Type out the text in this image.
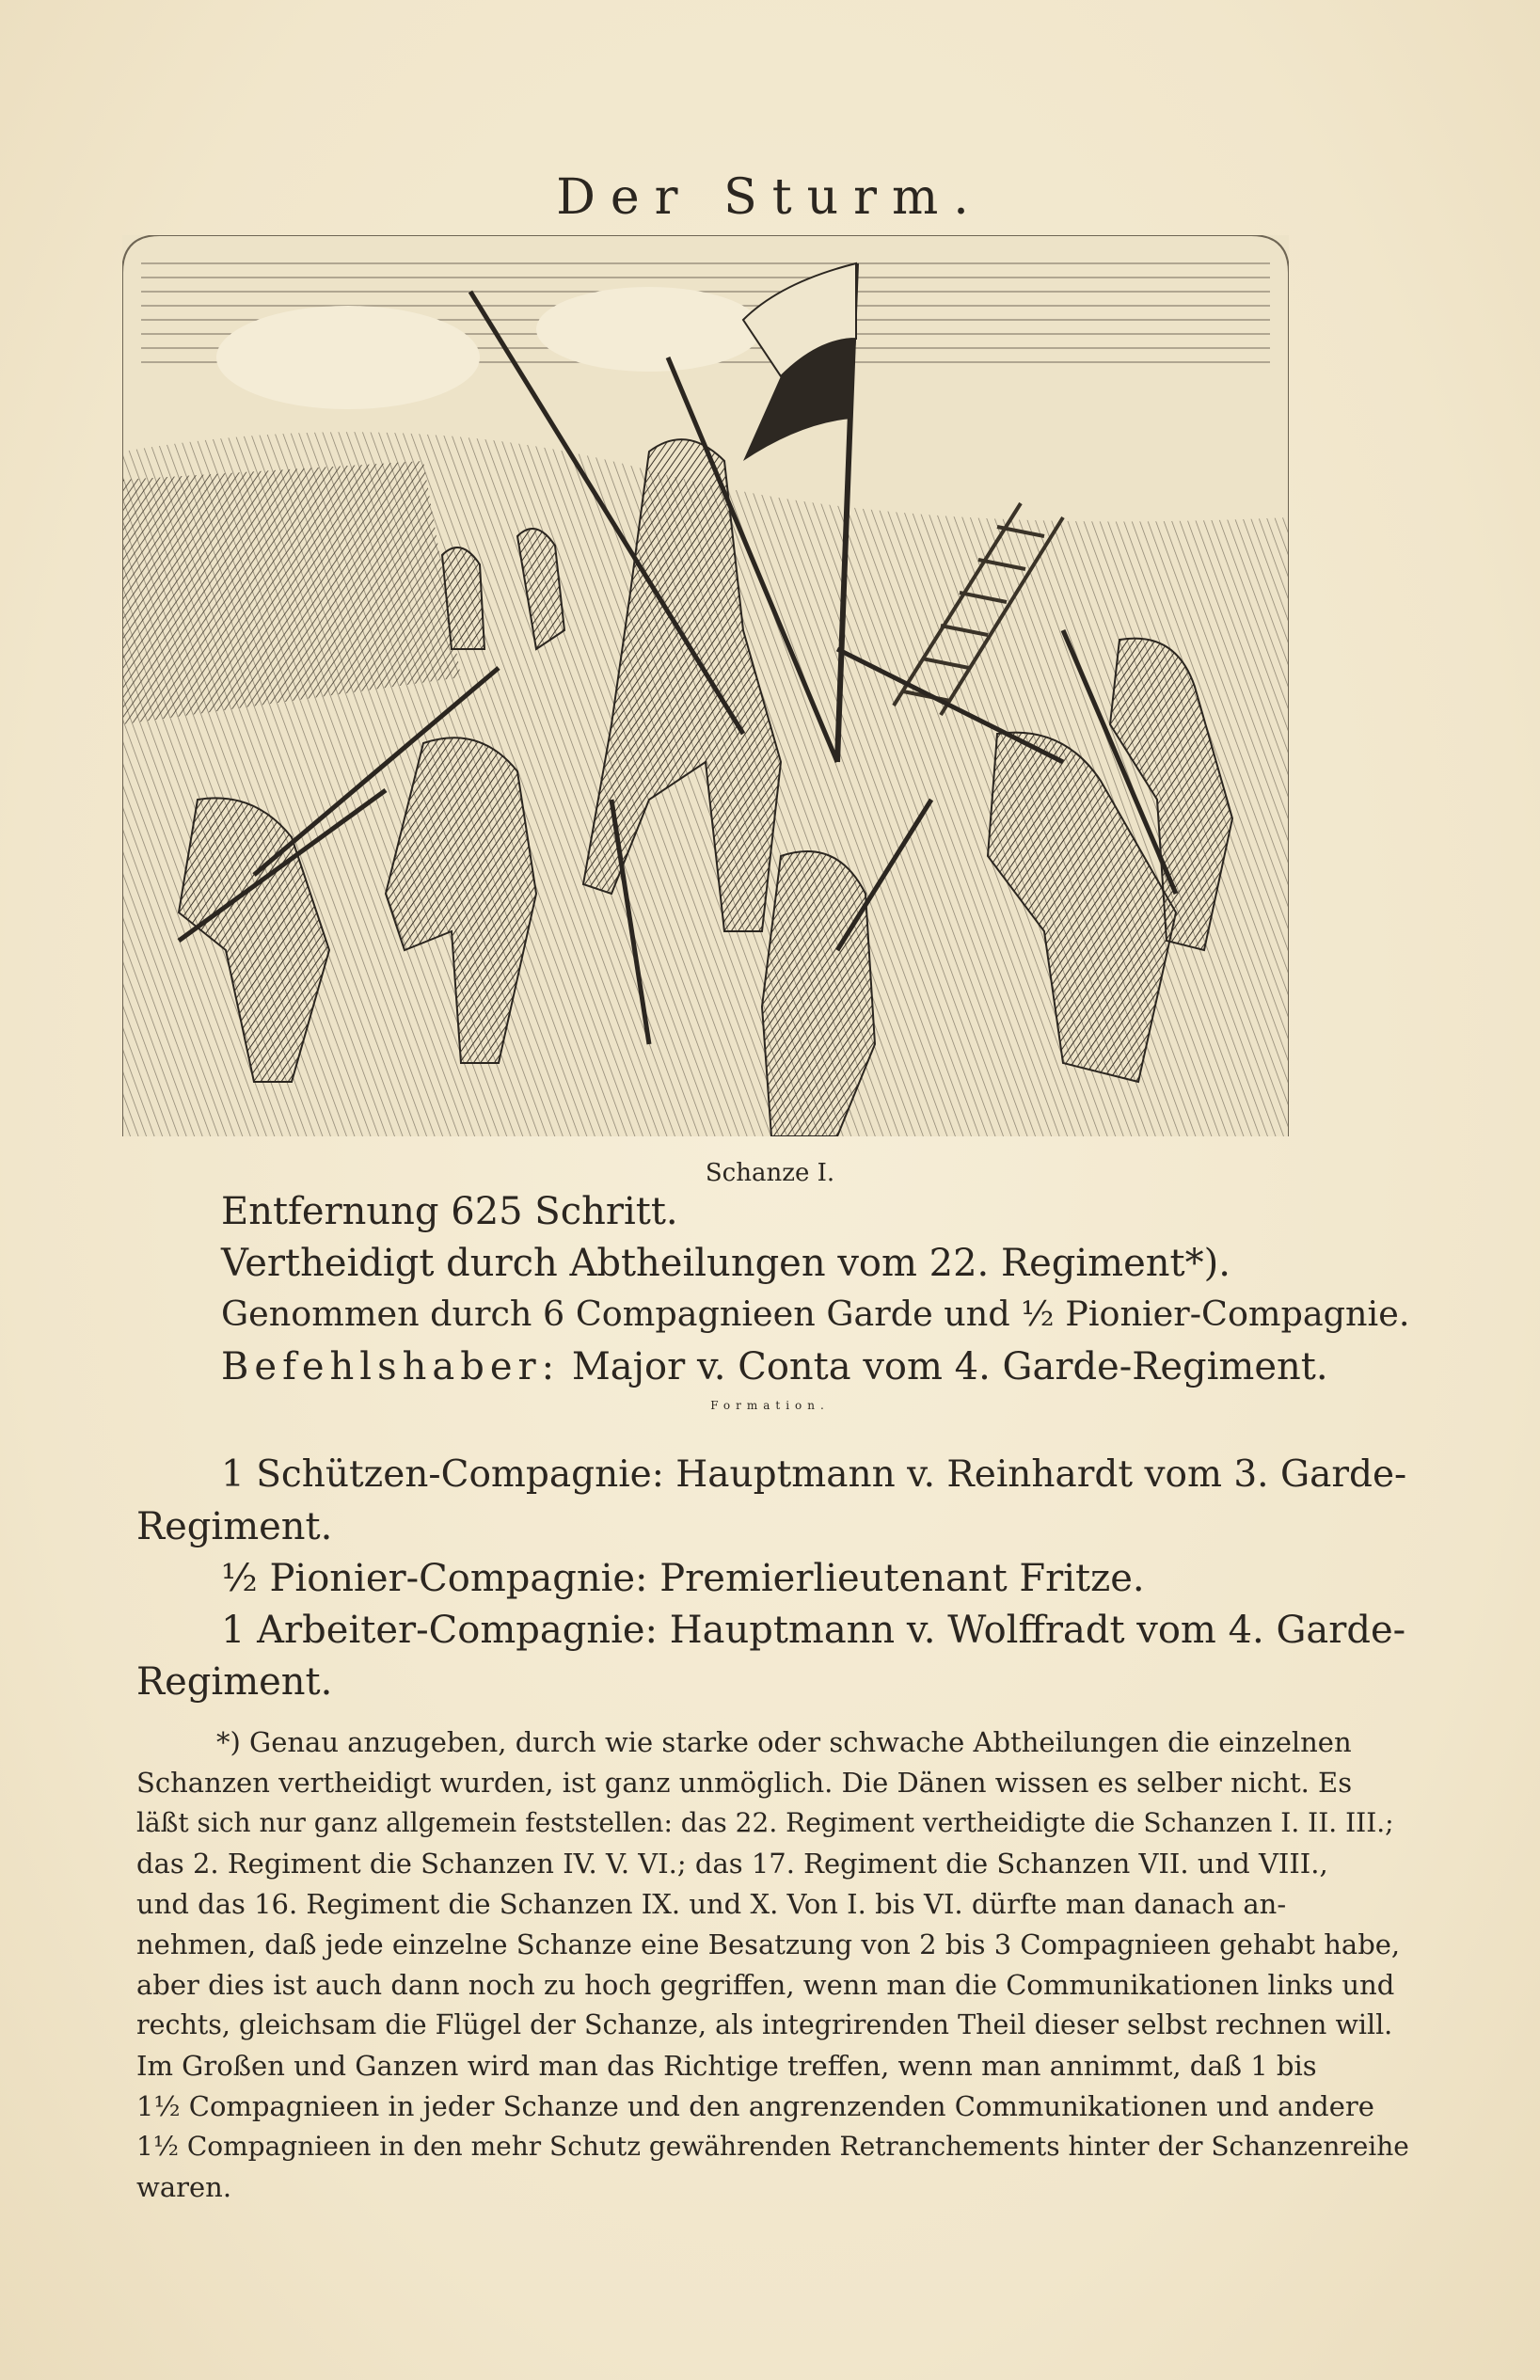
Der Sturm.
Schanze I.
Entfernung 625 Schritt.
Vertheidigt durch Abtheilungen vom 22. Regiment*).
Genommen durch 6 Compagnieen Garde und ½ Pionier-Compagnie.
Befehlshaber: Major v. Conta vom 4. Garde-Regiment.
Formation.
1 Schützen-Compagnie: Hauptmann v. Reinhardt vom 3. Garde-
Regiment.
½ Pionier-Compagnie: Premierlieutenant Fritze.
1 Arbeiter-Compagnie: Hauptmann v. Wolffradt vom 4. Garde-
Regiment.
*) Genau anzugeben, durch wie starke oder schwache Abtheilungen die einzelnen
Schanzen vertheidigt wurden, ist ganz unmöglich. Die Dänen wissen es selber nicht. Es
läßt sich nur ganz allgemein feststellen: das 22. Regiment vertheidigte die Schanzen I. II. III.;
das 2. Regiment die Schanzen IV. V. VI.; das 17. Regiment die Schanzen VII. und VIII.,
und das 16. Regiment die Schanzen IX. und X. Von I. bis VI. dürfte man danach an-
nehmen, daß jede einzelne Schanze eine Besatzung von 2 bis 3 Compagnieen gehabt habe,
aber dies ist auch dann noch zu hoch gegriffen, wenn man die Communikationen links und
rechts, gleichsam die Flügel der Schanze, als integrirenden Theil dieser selbst rechnen will.
Im Großen und Ganzen wird man das Richtige treffen, wenn man annimmt, daß 1 bis
1½ Compagnieen in jeder Schanze und den angrenzenden Communikationen und andere
1½ Compagnieen in den mehr Schutz gewährenden Retranchements hinter der Schanzenreihe
waren.
